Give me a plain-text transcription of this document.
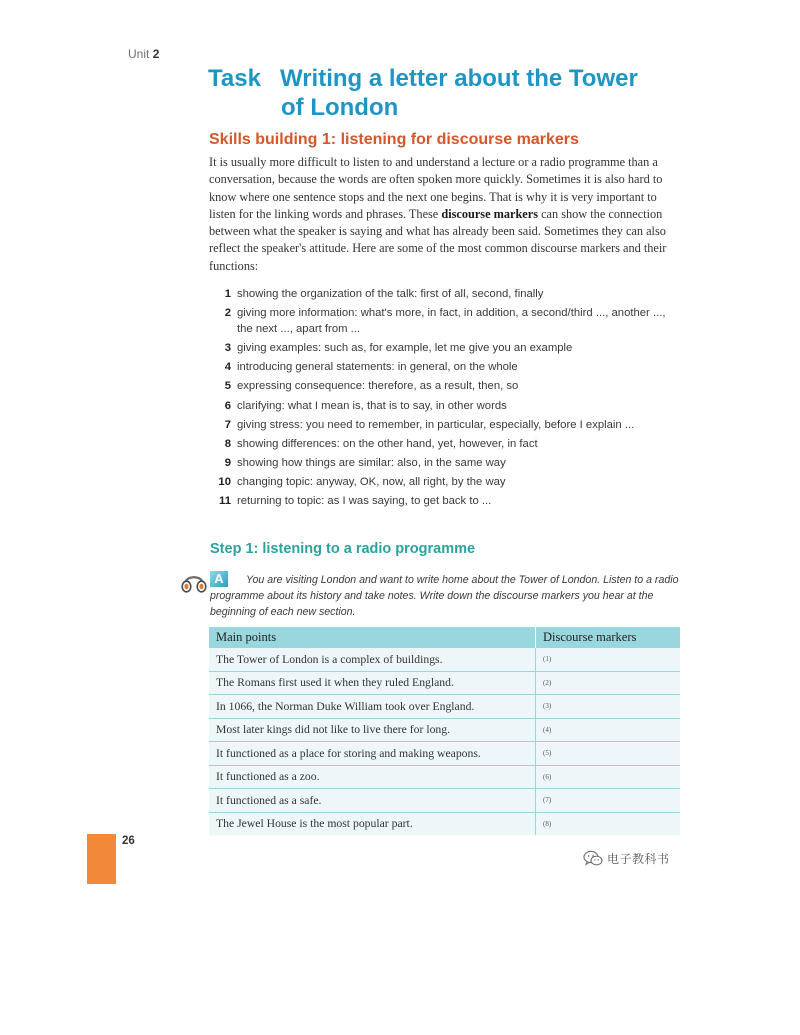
Unit 2
Task Writing a letter about the Tower
of London
Skills building 1: listening for discourse markers

It is usually more difficult to listen to and understand a lecture or a radio programme than a conversation, because the words are often spoken more quickly. Sometimes it is also hard to know where one sentence stops and the next one begins. That is why it is very important to listen for the linking words and phrases. These discourse markers can show the connection between what the speaker is saying and what has already been said. Sometimes they can also reflect the speaker's attitude. Here are some of the most common discourse markers and their functions:

1 showing the organization of the talk: first of all, second, finally
2 giving more information: what's more, in fact, in addition, a second/third ..., another ..., the next ..., apart from ...
3 giving examples: such as, for example, let me give you an example
4 introducing general statements: in general, on the whole
5 expressing consequence: therefore, as a result, then, so
6 clarifying: what I mean is, that is to say, in other words
7 giving stress: you need to remember, in particular, especially, before I explain ...
8 showing differences: on the other hand, yet, however, in fact
9 showing how things are similar: also, in the same way
10 changing topic: anyway, OK, now, all right, by the way
11 returning to topic: as I was saying, to get back to ...
Step 1: listening to a radio programme
A	You are visiting London and want to write home about the Tower of London. Listen to a radio programme about its history and take notes. Write down the discourse markers you hear at the beginning of each new section.

Main points	Discourse markers
The Tower of London is a complex of buildings.	(1)
The Romans first used it when they ruled England.	(2)
In 1066, the Norman Duke William took over England.	(3)
Most later kings did not like to live there for long.	(4)
It functioned as a place for storing and making weapons.	(5)
It functioned as a zoo.	(6)
It functioned as a safe.	(7)
The Jewel House is the most popular part.	(8)
26
电子教科书
